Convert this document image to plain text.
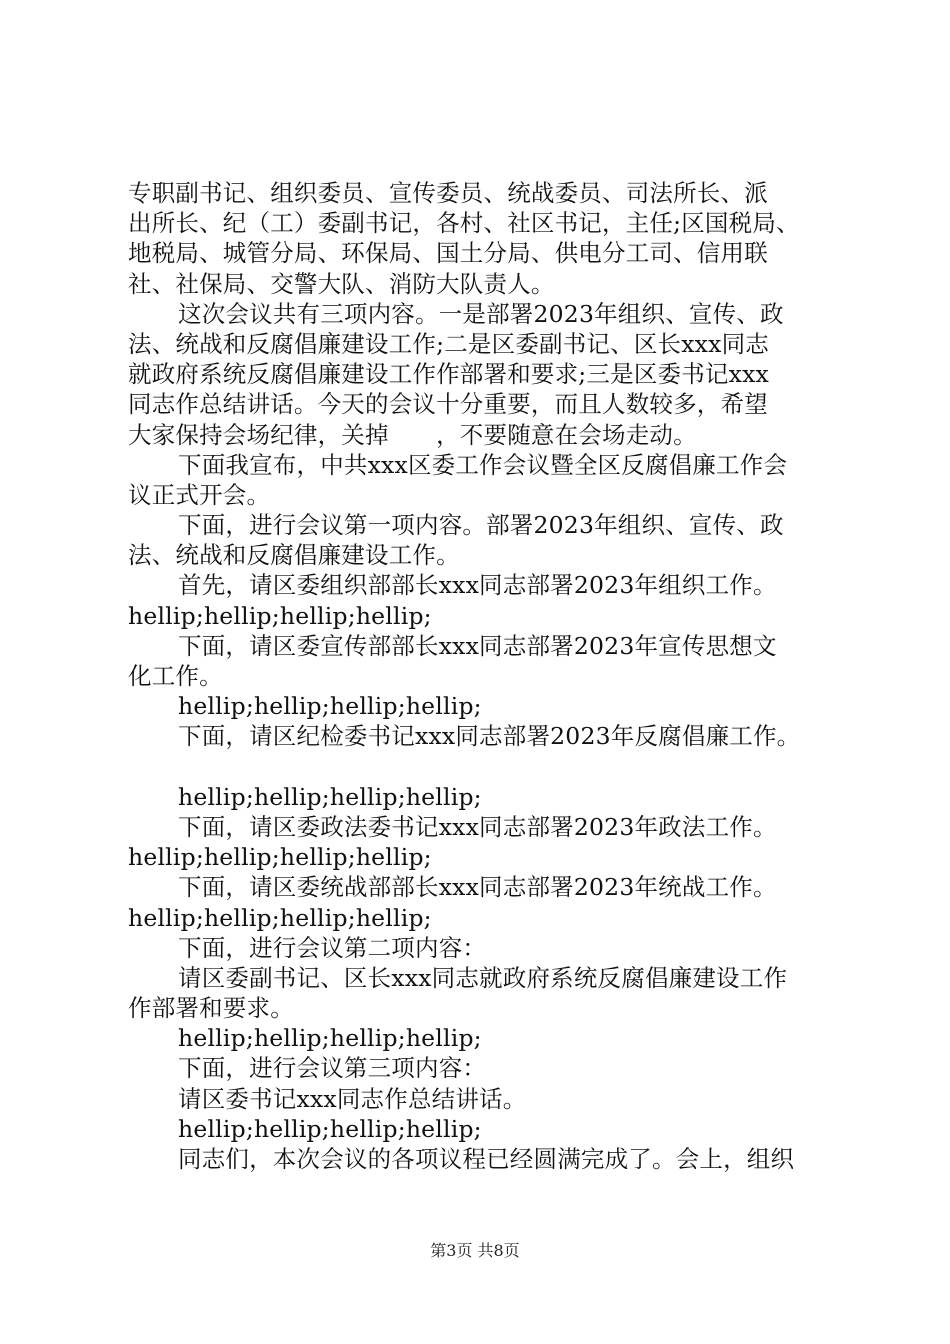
专职副书记、组织委员、宣传委员、统战委员、司法所长、派
出所长、纪（工）委副书记，各村、社区书记，主任;区国税局、
地税局、城管分局、环保局、国土分局、供电分工司、信用联
社、社保局、交警大队、消防大队责人。
这次会议共有三项内容。一是部署2023年组织、宣传、政
法、统战和反腐倡廉建设工作;二是区委副书记、区长xxx同志
就政府系统反腐倡廉建设工作作部署和要求;三是区委书记xxx
同志作总结讲话。今天的会议十分重要，而且人数较多，希望
大家保持会场纪律，关掉　　，不要随意在会场走动。
下面我宣布，中共xxx区委工作会议暨全区反腐倡廉工作会
议正式开会。
下面，进行会议第一项内容。部署2023年组织、宣传、政
法、统战和反腐倡廉建设工作。
首先，请区委组织部部长xxx同志部署2023年组织工作。
hellip;hellip;hellip;hellip;
下面，请区委宣传部部长xxx同志部署2023年宣传思想文
化工作。
hellip;hellip;hellip;hellip;
下面，请区纪检委书记xxx同志部署2023年反腐倡廉工作。
hellip;hellip;hellip;hellip;
下面，请区委政法委书记xxx同志部署2023年政法工作。
hellip;hellip;hellip;hellip;
下面，请区委统战部部长xxx同志部署2023年统战工作。
hellip;hellip;hellip;hellip;
下面，进行会议第二项内容：
请区委副书记、区长xxx同志就政府系统反腐倡廉建设工作
作部署和要求。
hellip;hellip;hellip;hellip;
下面，进行会议第三项内容：
请区委书记xxx同志作总结讲话。
hellip;hellip;hellip;hellip;
同志们，本次会议的各项议程已经圆满完成了。会上，组织
第3页 共8页
